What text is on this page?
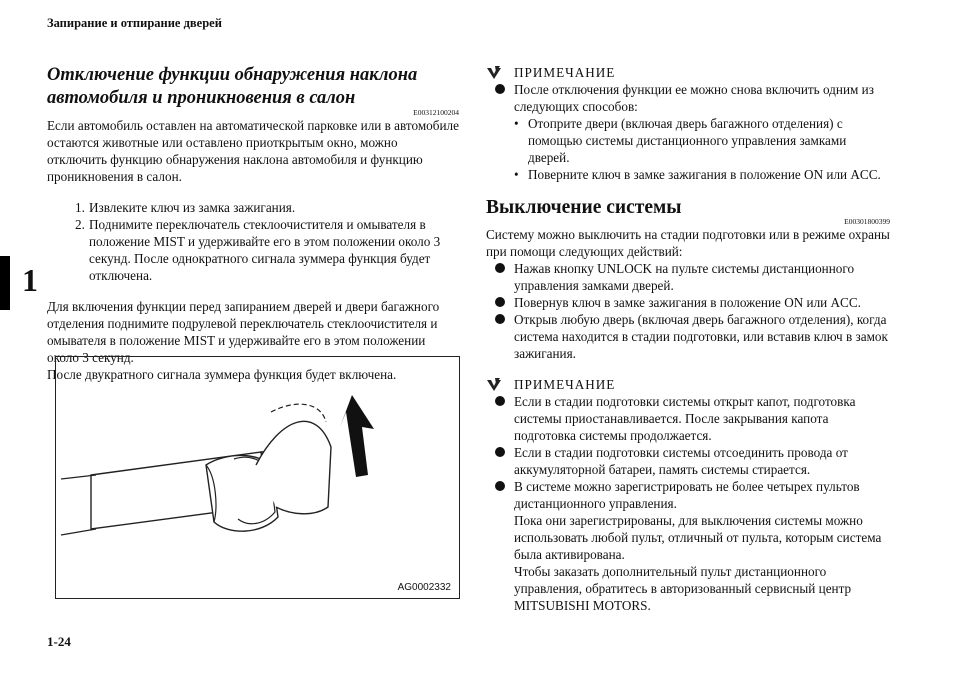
Запирание и отпирание дверей
1
Отключение функции обнаружения наклона автомобиля и проникновения в салон
E00312100204

Если автомобиль оставлен на автоматической парковке или в автомобиле остаются животные или оставлено приоткрытым окно, можно отключить функцию обнаружения наклона автомобиля и функцию проникновения в салон.

1. Извлеките ключ из замка зажигания.
2. Поднимите переключатель стеклоочистителя и омывателя в положение MIST и удерживайте его в этом положении около 3 секунд. После однократного сигнала зуммера функция будет отключена.

Для включения функции перед запиранием дверей и двери багажного отделения поднимите подрулевой переключатель стеклоочистителя и омывателя в положение MIST и удерживайте его в этом положении около 3 секунд.

После двукратного сигнала зуммера функция будет включена.

AG0002332
ПРИМЕЧАНИЕ
После отключения функции ее можно снова включить одним из следующих способов:
• Отоприте двери (включая дверь багажного отделения) с помощью системы дистанционного управления замками дверей.
• Поверните ключ в замке зажигания в положение ON или ACC.
Выключение системы
E00301800399

Систему можно выключить на стадии подготовки или в режиме охраны при помощи следующих действий:

Нажав кнопку UNLOCK на пульте системы дистанционного управления замками дверей.
Повернув ключ в замке зажигания в положение ON или ACC.
Открыв любую дверь (включая дверь багажного отделения), когда система находится в стадии подготовки, или вставив ключ в замок зажигания.
ПРИМЕЧАНИЕ
Если в стадии подготовки системы открыт капот, подготовка системы приостанавливается. После закрывания капота подготовка системы продолжается.
Если в стадии подготовки системы отсоединить провода от аккумуляторной батареи, память системы стирается.
В системе можно зарегистрировать не более четырех пультов дистанционного управления.

Пока они зарегистрированы, для выключения системы можно использовать любой пульт, отличный от пульта, которым система была активирована.

Чтобы заказать дополнительный пульт дистанционного управления, обратитесь в авторизованный сервисный центр MITSUBISHI MOTORS.

1-24
